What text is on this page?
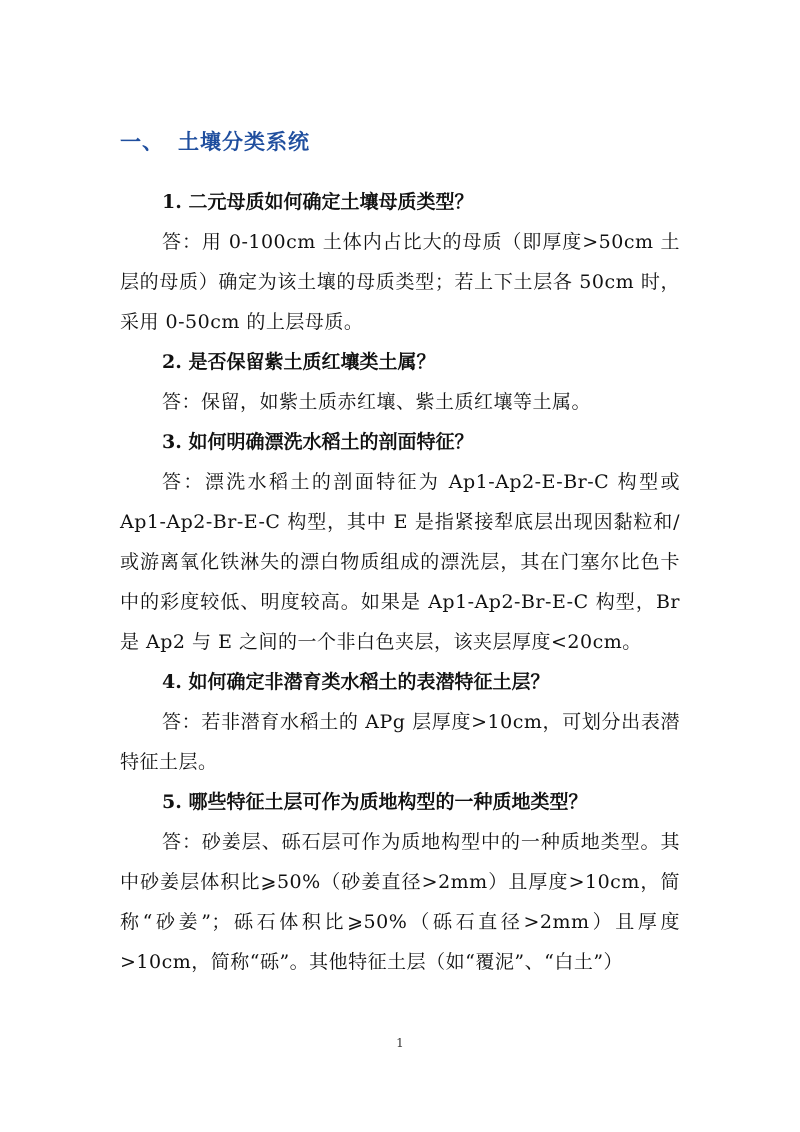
一、 土壤分类系统
1. 二元母质如何确定土壤母质类型？
答：用 0-100cm 土体内占比大的母质（即厚度>50cm 土层的母质）确定为该土壤的母质类型；若上下土层各 50cm 时，采用 0-50cm 的上层母质。
2. 是否保留紫土质红壤类土属？
答：保留，如紫土质赤红壤、紫土质红壤等土属。
3. 如何明确漂洗水稻土的剖面特征？
答：漂洗水稻土的剖面特征为 Ap1-Ap2-E-Br-C 构型或 Ap1-Ap2-Br-E-C 构型，其中 E 是指紧接犁底层出现因黏粒和/或游离氧化铁淋失的漂白物质组成的漂洗层，其在门塞尔比色卡中的彩度较低、明度较高。如果是 Ap1-Ap2-Br-E-C 构型，Br 是 Ap2 与 E 之间的一个非白色夹层，该夹层厚度<20cm。
4. 如何确定非潜育类水稻土的表潜特征土层？
答：若非潜育水稻土的 APg 层厚度>10cm，可划分出表潜特征土层。
5. 哪些特征土层可作为质地构型的一种质地类型？
答：砂姜层、砾石层可作为质地构型中的一种质地类型。其中砂姜层体积比⩾50%（砂姜直径>2mm）且厚度>10cm，简称“砂姜”；砾石体积比⩾50%（砾石直径>2mm）且厚度>10cm，简称“砾”。其他特征土层（如“覆泥”、“白土”）
1
